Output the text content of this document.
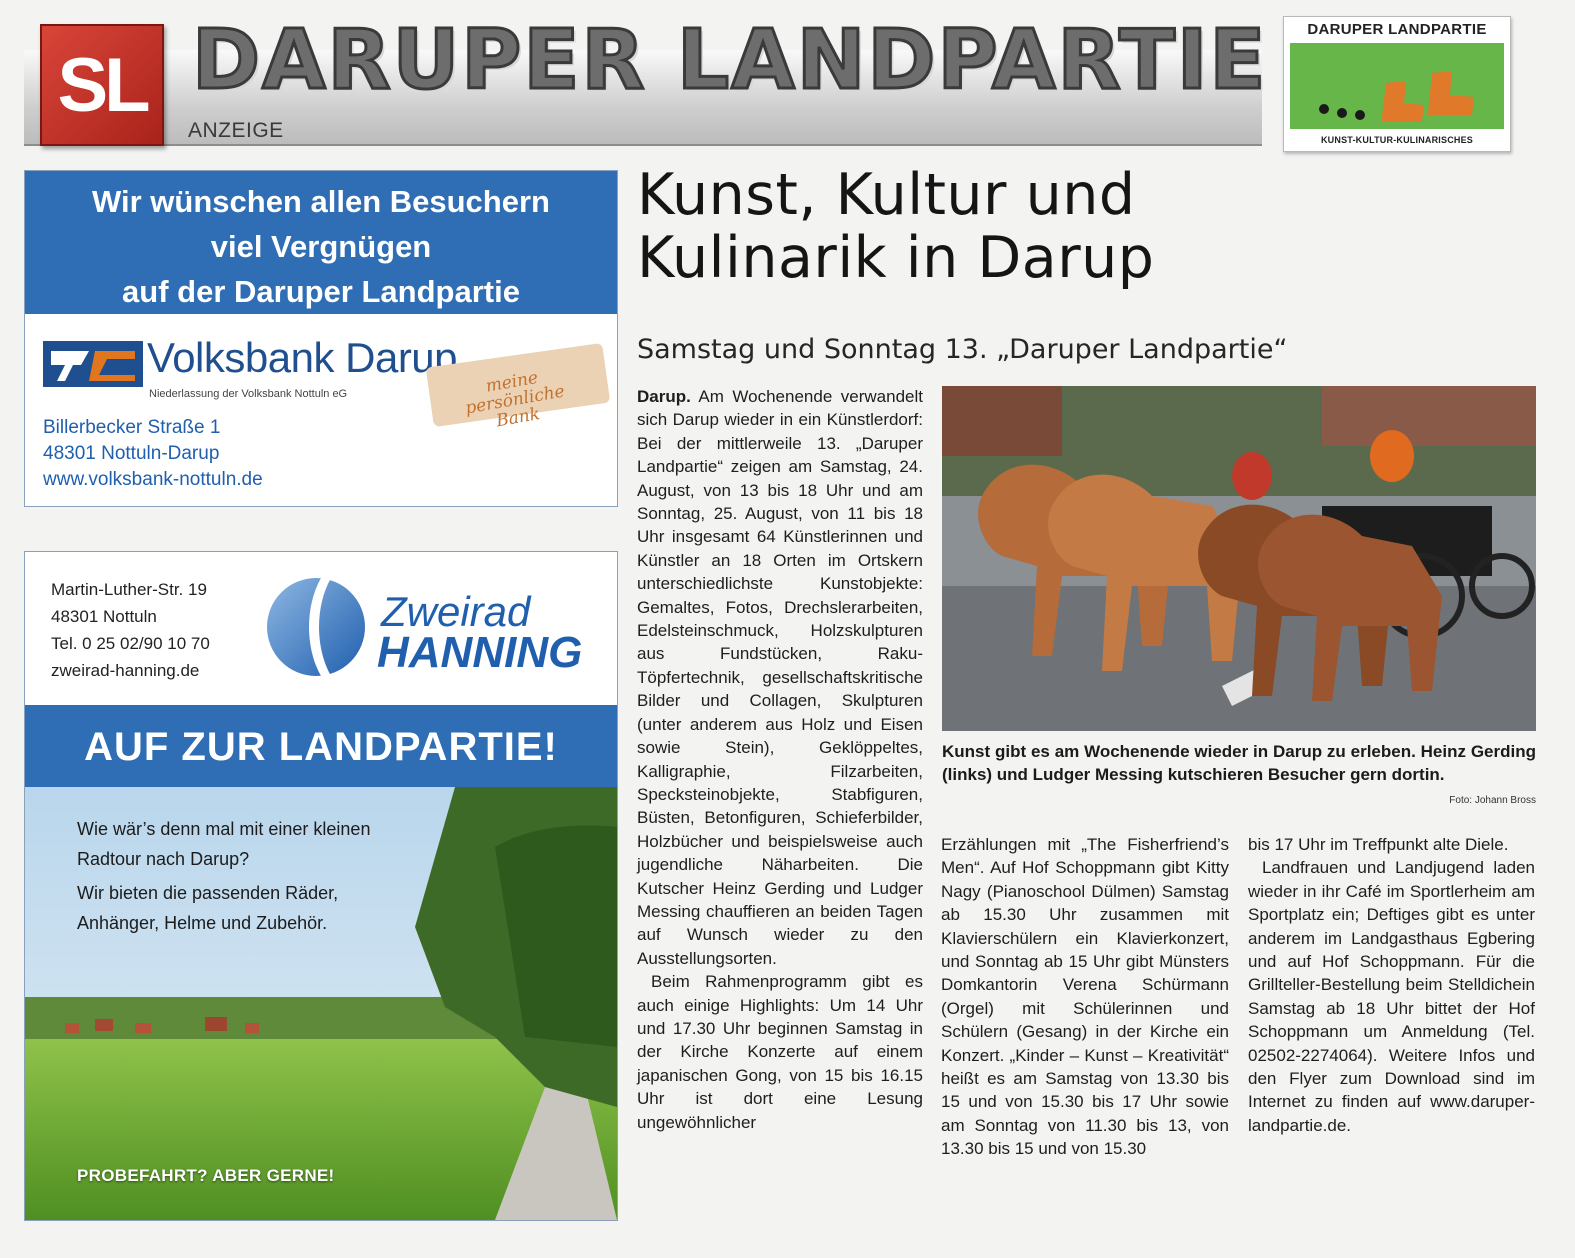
SL DARUPER LANDPARTIE
ANZEIGE
DARUPER LANDPARTIE
KUNST-KULTUR-KULINARISCHES
Wir wünschen allen Besuchern
viel Vergnügen
auf der Daruper Landpartie
Volksbank Darup
Niederlassung der Volksbank Nottuln eG	meine persönliche
Bank
Billerbecker Straße 1
48301 Nottuln-Darup
www.volksbank-nottuln.de
Martin-Luther-Str. 19
48301 Nottuln
Tel. 0 25 02/90 10 70
zweirad-hanning.de
Zweirad
HANNING
AUF ZUR LANDPARTIE!

Wie wär’s denn mal mit einer kleinen Radtour nach Darup?

Wir bieten die passenden Räder, Anhänger, Helme und Zubehör.

PROBEFAHRT? ABER GERNE!
Kunst, Kultur und
Kulinarik in Darup
Samstag und Sonntag 13. „Daruper Landpartie“

Darup. Am Wochenende verwandelt sich Darup wieder in ein Künstlerdorf: Bei der mittlerweile 13. „Daruper Landpartie“ zeigen am Samstag, 24. August, von 13 bis 18 Uhr und am Sonntag, 25. August, von 11 bis 18 Uhr insgesamt 64 Künstlerinnen und Künstler an 18 Orten im Ortskern unterschiedlichste Kunstobjekte: Gemaltes, Fotos, Drechslerarbeiten, Edelsteinschmuck, Holzskulpturen aus Fundstücken, Raku-Töpfertechnik, gesellschaftskritische Bilder und Collagen, Skulpturen (unter anderem aus Holz und Eisen sowie Stein), Geklöppeltes, Kalligraphie, Filzarbeiten, Specksteinobjekte, Stabfiguren, Büsten, Betonfiguren, Schieferbilder, Holzbücher und beispielsweise auch jugendliche Näharbeiten. Die Kutscher Heinz Gerding und Ludger Messing chauffieren an beiden Tagen auf Wunsch wieder zu den Ausstellungsorten.

Beim Rahmenprogramm gibt es auch einige Highlights: Um 14 Uhr und 17.30 Uhr beginnen Samstag in der Kirche Konzerte auf einem japanischen Gong, von 15 bis 16.15 Uhr ist dort eine Lesung ungewöhnlicher

Kunst gibt es am Wochenende wieder in Darup zu erleben. Heinz Gerding (links) und Ludger Messing kutschieren Besucher gern dortin.
Foto: Johann Bross

Erzählungen mit „The Fisherfriend’s Men“. Auf Hof Schoppmann gibt Kitty Nagy (Pianoschool Dülmen) Samstag ab 15.30 Uhr zusammen mit Klavierschülern ein Klavierkonzert, und Sonntag ab 15 Uhr gibt Münsters Domkantorin Verena Schürmann (Orgel) mit Schülerinnen und Schülern (Gesang) in der Kirche ein Konzert. „Kinder – Kunst – Kreativität“ heißt es am Samstag von 13.30 bis 15 und von 15.30 bis 17 Uhr sowie am Sonntag von 11.30 bis 13, von 13.30 bis 15 und von 15.30

bis 17 Uhr im Treffpunkt alte Diele.

Landfrauen und Landjugend laden wieder in ihr Café im Sportlerheim am Sportplatz ein; Deftiges gibt es unter anderem im Landgasthaus Egbering und auf Hof Schoppmann. Für die Grillteller-Bestellung beim Stelldichein Samstag ab 18 Uhr bittet der Hof Schoppmann um Anmeldung (Tel. 02502-2274064). Weitere Infos und den Flyer zum Download sind im Internet zu finden auf www.daruper-landpartie.de.
